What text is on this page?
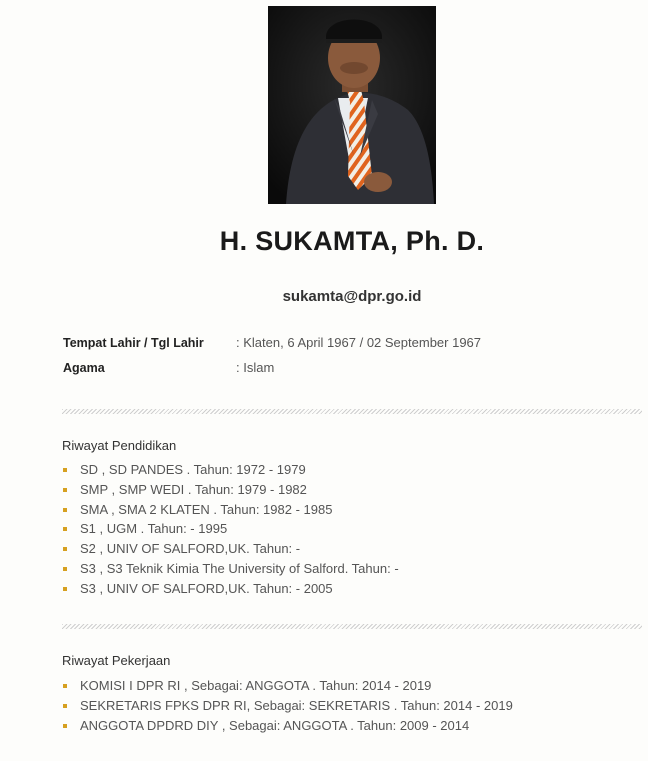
H. SUKAMTA, Ph. D.
sukamta@dpr.go.id
Tempat Lahir / Tgl Lahir	: Klaten, 6 April 1967 / 02 September 1967
Agama	: Islam
Riwayat Pendidikan
SD , SD PANDES . Tahun: 1972 - 1979
SMP , SMP WEDI . Tahun: 1979 - 1982
SMA , SMA 2 KLATEN . Tahun: 1982 - 1985
S1 , UGM . Tahun: - 1995
S2 , UNIV OF SALFORD,UK. Tahun: -
S3 , S3 Teknik Kimia The University of Salford. Tahun: -
S3 , UNIV OF SALFORD,UK. Tahun: - 2005
Riwayat Pekerjaan
KOMISI I DPR RI , Sebagai: ANGGOTA . Tahun: 2014 - 2019
SEKRETARIS FPKS DPR RI, Sebagai: SEKRETARIS . Tahun: 2014 - 2019
ANGGOTA DPDRD DIY , Sebagai: ANGGOTA . Tahun: 2009 - 2014
